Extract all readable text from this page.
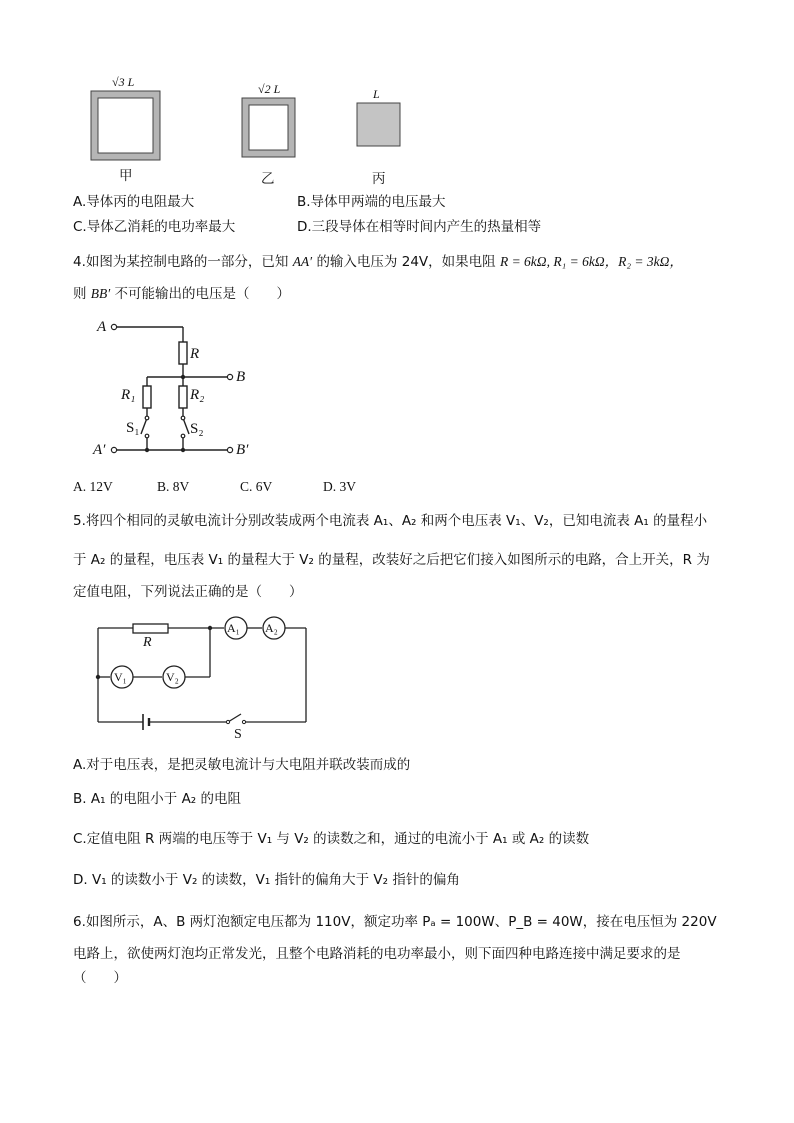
√3 L	√2 L	L
甲	乙	丙
A.导体丙的电阻最大	B.导体甲两端的电压最大
C.导体乙消耗的电功率最大	D.三段导体在相等时间内产生的热量相等
4.如图为某控制电路的一部分，已知 AA′ 的输入电压为 24V，如果电阻 R = 6kΩ, R₁ = 6kΩ，R₂ = 3kΩ，
则 BB′ 不可能输出的电压是（　　）
A
R
B
R₁	R₂
S₁	S₂
A′	B′
A. 12V	B. 8V	C. 6V	D. 3V
5.将四个相同的灵敏电流计分别改装成两个电流表 A₁、A₂ 和两个电压表 V₁、V₂，已知电流表 A₁ 的量程小
于 A₂ 的量程，电压表 V₁ 的量程大于 V₂ 的量程，改装好之后把它们接入如图所示的电路，合上开关，R 为
定值电阻，下列说法正确的是（　　）
R
A₁ A₂
V₁	V₂
S
A.对于电压表，是把灵敏电流计与大电阻并联改装而成的
B. A₁ 的电阻小于 A₂ 的电阻
C.定值电阻 R 两端的电压等于 V₁ 与 V₂ 的读数之和，通过的电流小于 A₁ 或 A₂ 的读数
D. V₁ 的读数小于 V₂ 的读数，V₁ 指针的偏角大于 V₂ 指针的偏角
6.如图所示，A、B 两灯泡额定电压都为 110V，额定功率 Pₐ = 100W、P_B = 40W，接在电压恒为 220V
电路上，欲使两灯泡均正常发光，且整个电路消耗的电功率最小，则下面四种电路连接中满足要求的是
（　　）
